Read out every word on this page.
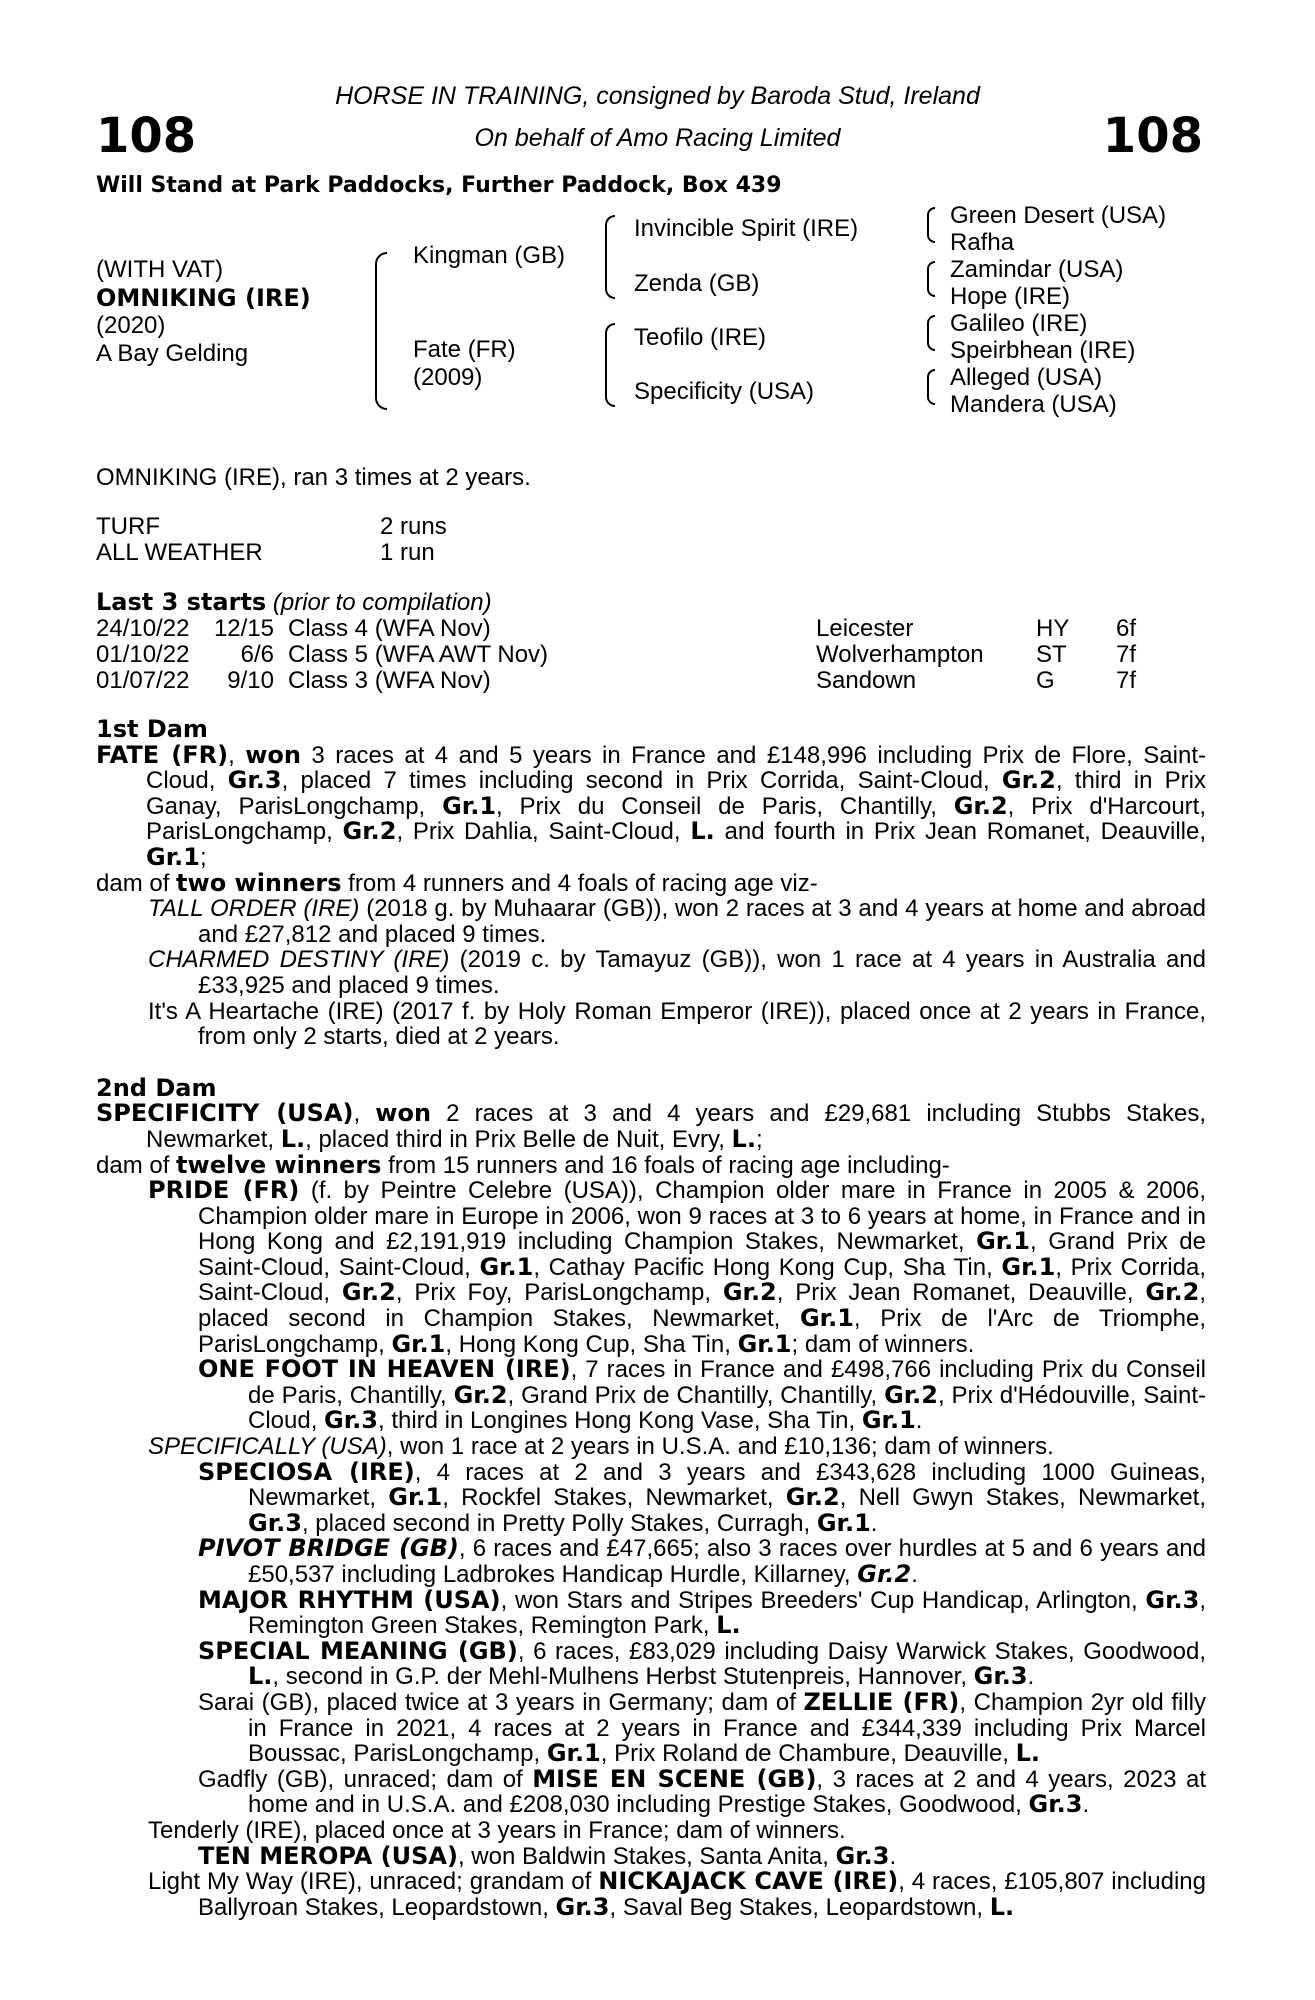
108	108
HORSE IN TRAINING, consigned by Baroda Stud, Ireland
On behalf of Amo Racing Limited
Will Stand at Park Paddocks, Further Paddock, Box 439
(WITH VAT)
OMNIKING (IRE)
(2020)
A Bay Gelding
Kingman (GB)
Fate (FR)
(2009)
Invincible Spirit (IRE)
Zenda (GB)
Teofilo (IRE)
Specificity (USA)
Green Desert (USA)
Rafha
Zamindar (USA)
Hope (IRE)
Galileo (IRE)
Speirbhean (IRE)
Alleged (USA)
Mandera (USA)
OMNIKING (IRE), ran 3 times at 2 years.
TURF	2 runs
ALL WEATHER	1 run
Last 3 starts (prior to compilation)
24/10/22	12/15 Class 4 (WFA Nov)	Leicester	HY 6f
01/10/22	6/6 Class 5 (WFA AWT Nov)	Wolverhampton ST 7f
01/07/22	9/10 Class 3 (WFA Nov)	Sandown	G	7f
1st Dam
FATE (FR), won 3 races at 4 and 5 years in France and £148,996 including Prix de Flore, Saint-Cloud, Gr.3, placed 7 times including second in Prix Corrida, Saint-Cloud, Gr.2, third in Prix Ganay, ParisLongchamp, Gr.1, Prix du Conseil de Paris, Chantilly, Gr.2, Prix d'Harcourt, ParisLongchamp, Gr.2, Prix Dahlia, Saint-Cloud, L. and fourth in Prix Jean Romanet, Deauville, Gr.1;
dam of two winners from 4 runners and 4 foals of racing age viz-
TALL ORDER (IRE) (2018 g. by Muhaarar (GB)), won 2 races at 3 and 4 years at home and abroad and £27,812 and placed 9 times.
CHARMED DESTINY (IRE) (2019 c. by Tamayuz (GB)), won 1 race at 4 years in Australia and £33,925 and placed 9 times.
It's A Heartache (IRE) (2017 f. by Holy Roman Emperor (IRE)), placed once at 2 years in France, from only 2 starts, died at 2 years.
2nd Dam
SPECIFICITY (USA), won 2 races at 3 and 4 years and £29,681 including Stubbs Stakes, Newmarket, L., placed third in Prix Belle de Nuit, Evry, L.;
dam of twelve winners from 15 runners and 16 foals of racing age including-
PRIDE (FR) (f. by Peintre Celebre (USA)), Champion older mare in France in 2005 & 2006, Champion older mare in Europe in 2006, won 9 races at 3 to 6 years at home, in France and in Hong Kong and £2,191,919 including Champion Stakes, Newmarket, Gr.1, Grand Prix de Saint-Cloud, Saint-Cloud, Gr.1, Cathay Pacific Hong Kong Cup, Sha Tin, Gr.1, Prix Corrida, Saint-Cloud, Gr.2, Prix Foy, ParisLongchamp, Gr.2, Prix Jean Romanet, Deauville, Gr.2, placed second in Champion Stakes, Newmarket, Gr.1, Prix de l'Arc de Triomphe, ParisLongchamp, Gr.1, Hong Kong Cup, Sha Tin, Gr.1; dam of winners.
ONE FOOT IN HEAVEN (IRE), 7 races in France and £498,766 including Prix du Conseil de Paris, Chantilly, Gr.2, Grand Prix de Chantilly, Chantilly, Gr.2, Prix d'Hédouville, Saint-Cloud, Gr.3, third in Longines Hong Kong Vase, Sha Tin, Gr.1.
SPECIFICALLY (USA), won 1 race at 2 years in U.S.A. and £10,136; dam of winners.
SPECIOSA (IRE), 4 races at 2 and 3 years and £343,628 including 1000 Guineas, Newmarket, Gr.1, Rockfel Stakes, Newmarket, Gr.2, Nell Gwyn Stakes, Newmarket, Gr.3, placed second in Pretty Polly Stakes, Curragh, Gr.1.
PIVOT BRIDGE (GB), 6 races and £47,665; also 3 races over hurdles at 5 and 6 years and £50,537 including Ladbrokes Handicap Hurdle, Killarney, Gr.2.
MAJOR RHYTHM (USA), won Stars and Stripes Breeders' Cup Handicap, Arlington, Gr.3, Remington Green Stakes, Remington Park, L.
SPECIAL MEANING (GB), 6 races, £83,029 including Daisy Warwick Stakes, Goodwood, L., second in G.P. der Mehl-Mulhens Herbst Stutenpreis, Hannover, Gr.3.
Sarai (GB), placed twice at 3 years in Germany; dam of ZELLIE (FR), Champion 2yr old filly in France in 2021, 4 races at 2 years in France and £344,339 including Prix Marcel Boussac, ParisLongchamp, Gr.1, Prix Roland de Chambure, Deauville, L.
Gadfly (GB), unraced; dam of MISE EN SCENE (GB), 3 races at 2 and 4 years, 2023 at home and in U.S.A. and £208,030 including Prestige Stakes, Goodwood, Gr.3.
Tenderly (IRE), placed once at 3 years in France; dam of winners.
TEN MEROPA (USA), won Baldwin Stakes, Santa Anita, Gr.3.
Light My Way (IRE), unraced; grandam of NICKAJACK CAVE (IRE), 4 races, £105,807 including Ballyroan Stakes, Leopardstown, Gr.3, Saval Beg Stakes, Leopardstown, L.
